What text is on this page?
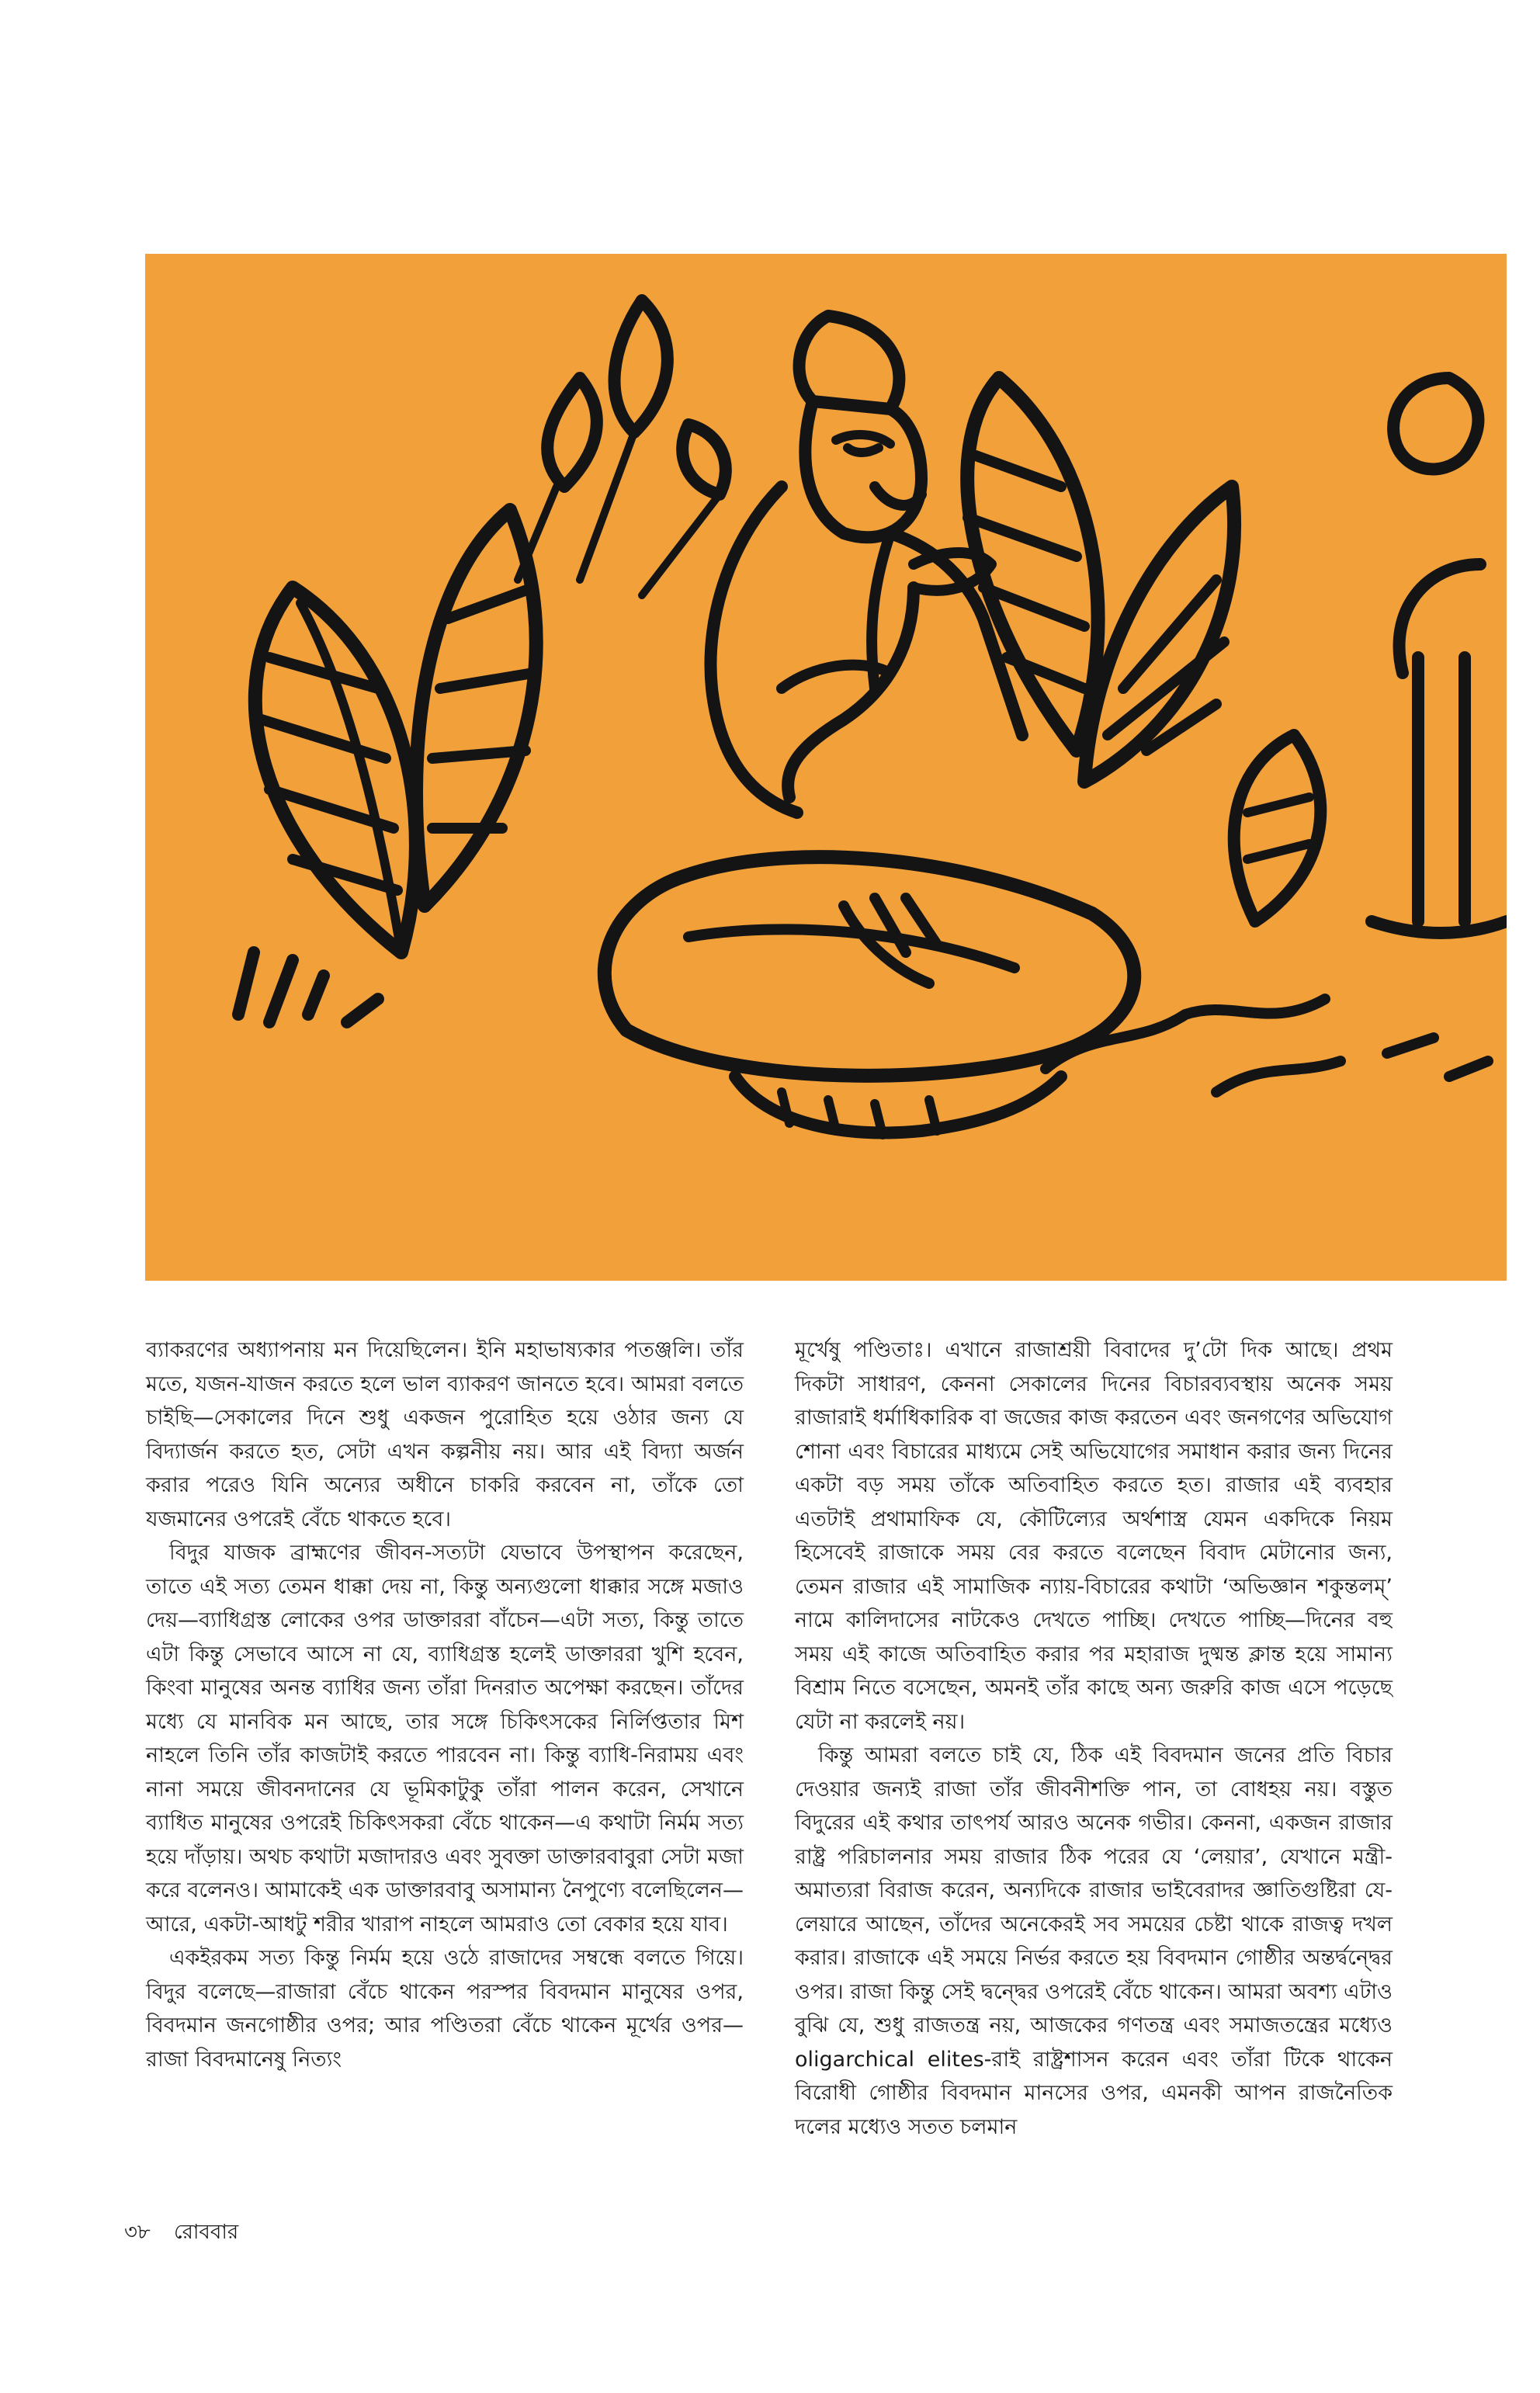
ব্যাকরণের অধ্যাপনায় মন দিয়েছিলেন। ইনি মহাভাষ্যকার পতঞ্জলি। তাঁর মতে, যজন-যাজন করতে হলে ভাল ব্যাকরণ জানতে হবে। আমরা বলতে চাইছি—সেকালের দিনে শুধু একজন পুরোহিত হয়ে ওঠার জন্য যে বিদ্যার্জন করতে হত, সেটা এখন কল্পনীয় নয়। আর এই বিদ্যা অর্জন করার পরেও যিনি অন্যের অধীনে চাকরি করবেন না, তাঁকে তো যজমানের ওপরেই বেঁচে থাকতে হবে।

বিদুর যাজক ব্রাহ্মণের জীবন-সত্যটা যেভাবে উপস্থাপন করেছেন, তাতে এই সত্য তেমন ধাক্কা দেয় না, কিন্তু অন্যগুলো ধাক্কার সঙ্গে মজাও দেয়—ব্যাধিগ্রস্ত লোকের ওপর ডাক্তাররা বাঁচেন—এটা সত্য, কিন্তু তাতে এটা কিন্তু সেভাবে আসে না যে, ব্যাধিগ্রস্ত হলেই ডাক্তাররা খুশি হবেন, কিংবা মানুষের অনন্ত ব্যাধির জন্য তাঁরা দিনরাত অপেক্ষা করছেন। তাঁদের মধ্যে যে মানবিক মন আছে, তার সঙ্গে চিকিৎসকের নির্লিপ্ততার মিশ নাহলে তিনি তাঁর কাজটাই করতে পারবেন না। কিন্তু ব্যাধি-নিরাময় এবং নানা সময়ে জীবনদানের যে ভূমিকাটুকু তাঁরা পালন করেন, সেখানে ব্যাধিত মানুষের ওপরেই চিকিৎসকরা বেঁচে থাকেন—এ কথাটা নির্মম সত্য হয়ে দাঁড়ায়। অথচ কথাটা মজাদারও এবং সুবক্তা ডাক্তারবাবুরা সেটা মজা করে বলেনও। আমাকেই এক ডাক্তারবাবু অসামান্য নৈপুণ্যে বলেছিলেন—আরে, একটা-আধটু শরীর খারাপ নাহলে আমরাও তো বেকার হয়ে যাব।

একইরকম সত্য কিন্তু নির্মম হয়ে ওঠে রাজাদের সম্বন্ধে বলতে গিয়ে। বিদুর বলেছে—রাজারা বেঁচে থাকেন পরস্পর বিবদমান মানুষের ওপর, বিবদমান জনগোষ্ঠীর ওপর; আর পণ্ডিতরা বেঁচে থাকেন মূর্খের ওপর—রাজা বিবদমানেষু নিত্যং

মূর্খেষু পণ্ডিতাঃ। এখানে রাজাশ্রয়ী বিবাদের দু’টো দিক আছে। প্রথম দিকটা সাধারণ, কেননা সেকালের দিনের বিচারব্যবস্থায় অনেক সময় রাজারাই ধর্মাধিকারিক বা জজের কাজ করতেন এবং জনগণের অভিযোগ শোনা এবং বিচারের মাধ্যমে সেই অভিযোগের সমাধান করার জন্য দিনের একটা বড় সময় তাঁকে অতিবাহিত করতে হত। রাজার এই ব্যবহার এতটাই প্রথামাফিক যে, কৌটিল্যের অর্থশাস্ত্র যেমন একদিকে নিয়ম হিসেবেই রাজাকে সময় বের করতে বলেছেন বিবাদ মেটানোর জন্য, তেমন রাজার এই সামাজিক ন্যায়-বিচারের কথাটা ‘অভিজ্ঞান শকুন্তলম্’ নামে কালিদাসের নাটকেও দেখতে পাচ্ছি। দেখতে পাচ্ছি—দিনের বহু সময় এই কাজে অতিবাহিত করার পর মহারাজ দুষ্মন্ত ক্লান্ত হয়ে সামান্য বিশ্রাম নিতে বসেছেন, অমনই তাঁর কাছে অন্য জরুরি কাজ এসে পড়েছে যেটা না করলেই নয়।

কিন্তু আমরা বলতে চাই যে, ঠিক এই বিবদমান জনের প্রতি বিচার দেওয়ার জন্যই রাজা তাঁর জীবনীশক্তি পান, তা বোধহয় নয়। বস্তুত বিদুরের এই কথার তাৎপর্য আরও অনেক গভীর। কেননা, একজন রাজার রাষ্ট্র পরিচালনার সময় রাজার ঠিক পরের যে ‘লেয়ার’, যেখানে মন্ত্রী-অমাত্যরা বিরাজ করেন, অন্যদিকে রাজার ভাইবেরাদর জ্ঞাতিগুষ্টিরা যে-লেয়ারে আছেন, তাঁদের অনেকেরই সব সময়ের চেষ্টা থাকে রাজত্ব দখল করার। রাজাকে এই সময়ে নির্ভর করতে হয় বিবদমান গোষ্ঠীর অন্তর্দ্বন্দ্বের ওপর। রাজা কিন্তু সেই দ্বন্দ্বের ওপরেই বেঁচে থাকেন। আমরা অবশ্য এটাও বুঝি যে, শুধু রাজতন্ত্র নয়, আজকের গণতন্ত্র এবং সমাজতন্ত্রের মধ্যেও oligarchical elites-রাই রাষ্ট্রশাসন করেন এবং তাঁরা টিকে থাকেন বিরোধী গোষ্ঠীর বিবদমান মানসের ওপর, এমনকী আপন রাজনৈতিক দলের মধ্যেও সতত চলমান

৩৮ রোববার
